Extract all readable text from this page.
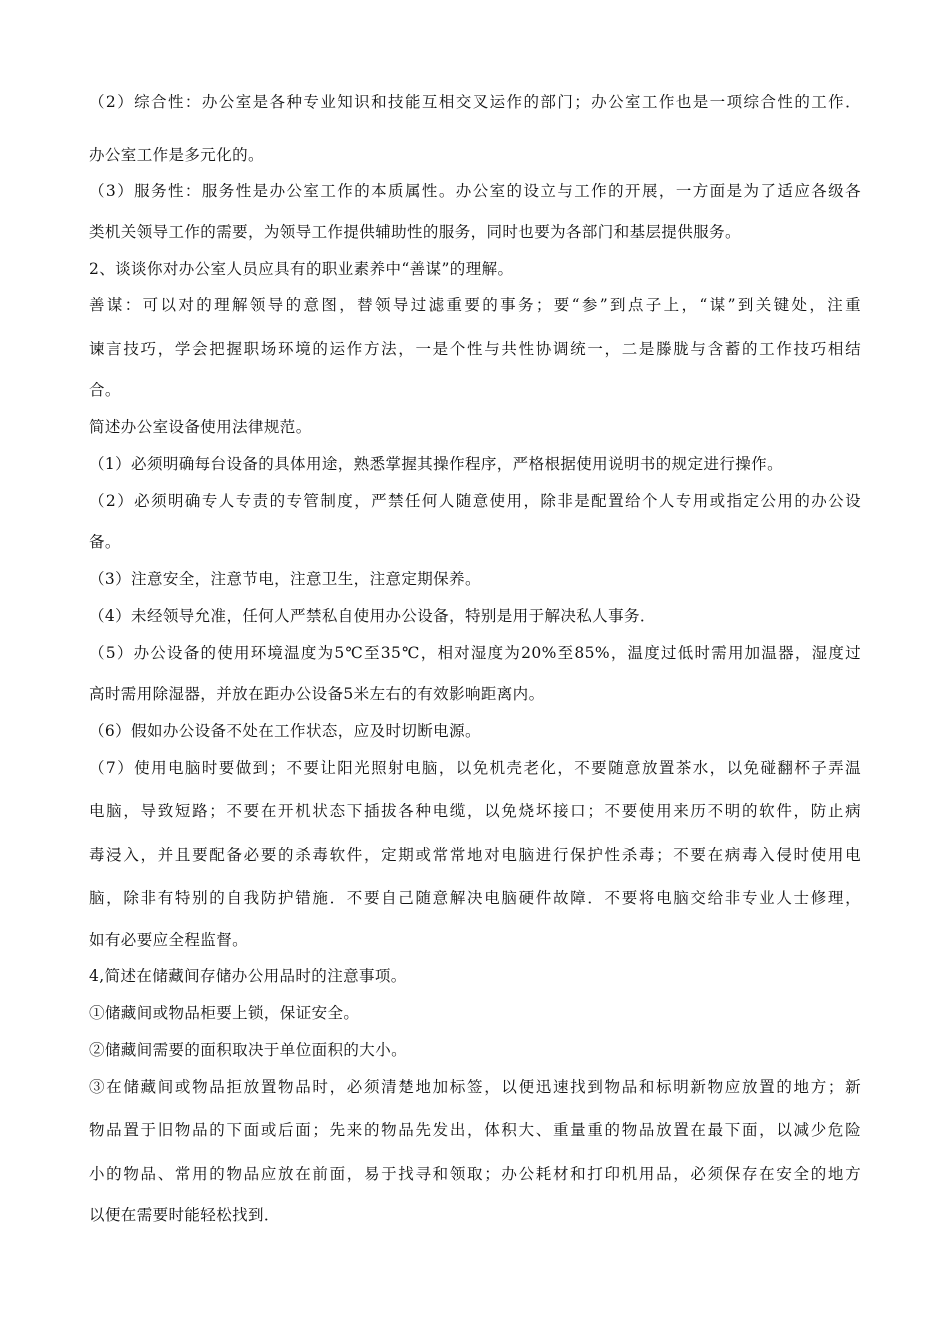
（2）综合性：办公室是各种专业知识和技能互相交叉运作的部门；办公室工作也是一项综合性的工作．
办公室工作是多元化的。
（3）服务性：服务性是办公室工作的本质属性。办公室的设立与工作的开展，一方面是为了适应各级各
类机关领导工作的需要，为领导工作提供辅助性的服务，同时也要为各部门和基层提供服务。
2、谈谈你对办公室人员应具有的职业素养中“善谋”的理解。
善谋：可以对的理解领导的意图，替领导过滤重要的事务；要“参”到点子上，“谋”到关键处，注重
谏言技巧，学会把握职场环境的运作方法，一是个性与共性协调统一，二是滕胧与含蓄的工作技巧相结
合。
简述办公室设备使用法律规范。
（1）必须明确每台设备的具体用途，熟悉掌握其操作程序，严格根据使用说明书的规定进行操作。
（2）必须明确专人专责的专管制度，严禁任何人随意使用，除非是配置给个人专用或指定公用的办公设
备。
（3）注意安全，注意节电，注意卫生，注意定期保养。
（4）未经领导允准，任何人严禁私自使用办公设备，特别是用于解决私人事务．
（5）办公设备的使用环境温度为5℃至35℃，相对湿度为20%至85%，温度过低时需用加温器，湿度过
高时需用除湿器，并放在距办公设备5米左右的有效影响距离内。
（6）假如办公设备不处在工作状态，应及时切断电源。
（7）使用电脑时要做到；不要让阳光照射电脑，以免机壳老化，不要随意放置茶水，以免碰翻杯子弄温
电脑，导致短路；不要在开机状态下插拔各种电缆，以免烧坏接口；不要使用来历不明的软件，防止病
毒浸入，并且要配备必要的杀毒软件，定期或常常地对电脑进行保护性杀毒；不要在病毒入侵时使用电
脑，除非有特别的自我防护错施．不要自己随意解决电脑硬件故障．不要将电脑交给非专业人士修理，
如有必要应全程监督。
4,简述在储藏间存储办公用品时的注意事项。
①储藏间或物品柜要上锁，保证安全。
②储藏间需要的面积取决于单位面积的大小。
③在储藏间或物品拒放置物品时，必须清楚地加标签，以便迅速找到物品和标明新物应放置的地方；新
物品置于旧物品的下面或后面；先来的物品先发出，体积大、重量重的物品放置在最下面，以减少危险
小的物品、常用的物品应放在前面，易于找寻和领取；办公耗材和打印机用品，必须保存在安全的地方
以便在需要时能轻松找到．
